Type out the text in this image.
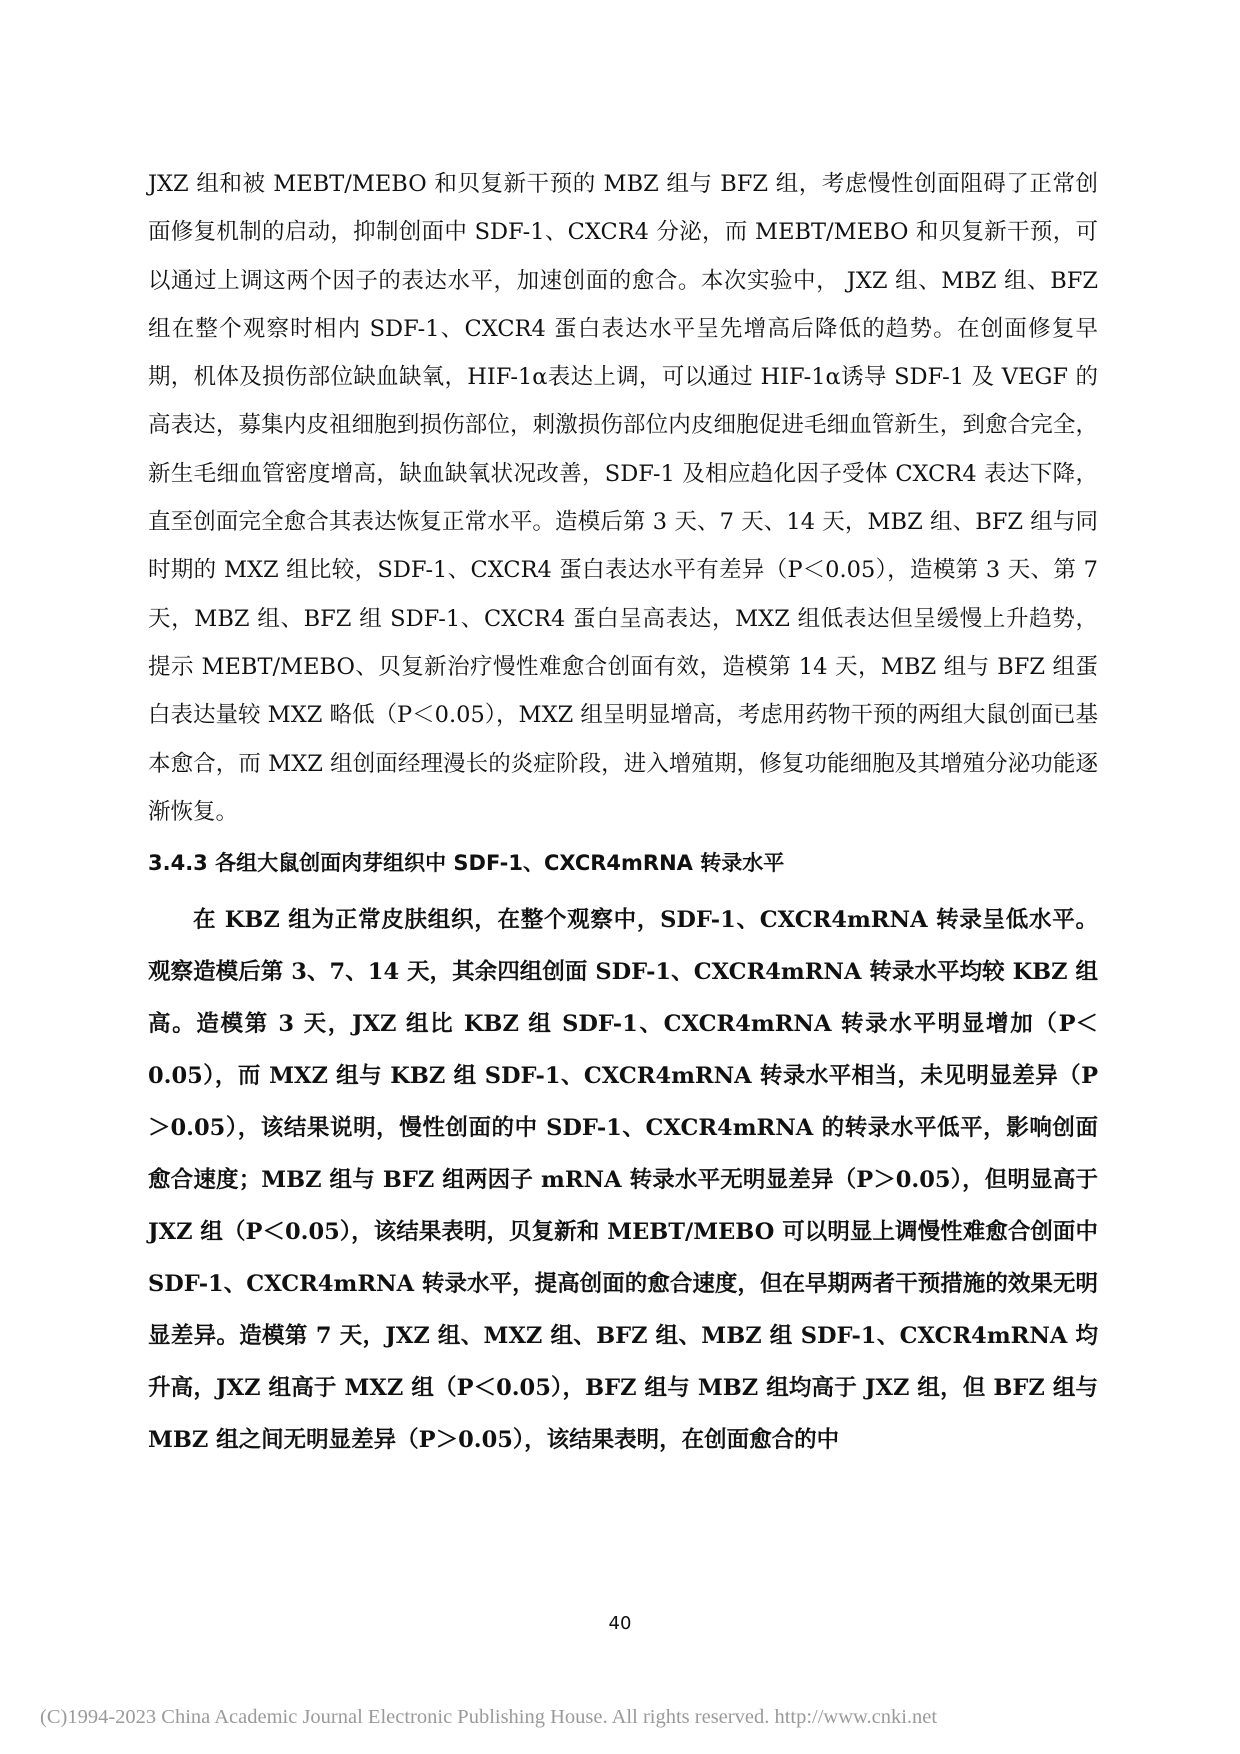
JXZ 组和被 MEBT/MEBO 和贝复新干预的 MBZ 组与 BFZ 组，考虑慢性创面阻碍了正常创面修复机制的启动，抑制创面中 SDF-1、CXCR4 分泌，而 MEBT/MEBO 和贝复新干预，可以通过上调这两个因子的表达水平，加速创面的愈合。本次实验中， JXZ 组、MBZ 组、BFZ 组在整个观察时相内 SDF-1、CXCR4 蛋白表达水平呈先增高后降低的趋势。在创面修复早期，机体及损伤部位缺血缺氧，HIF-1α表达上调，可以通过 HIF-1α诱导 SDF-1 及 VEGF 的高表达，募集内皮祖细胞到损伤部位，刺激损伤部位内皮细胞促进毛细血管新生，到愈合完全，新生毛细血管密度增高，缺血缺氧状况改善，SDF-1 及相应趋化因子受体 CXCR4 表达下降，直至创面完全愈合其表达恢复正常水平。造模后第 3 天、7 天、14 天，MBZ 组、BFZ 组与同时期的 MXZ 组比较，SDF-1、CXCR4 蛋白表达水平有差异（P＜0.05），造模第 3 天、第 7 天，MBZ 组、BFZ 组 SDF-1、CXCR4 蛋白呈高表达，MXZ 组低表达但呈缓慢上升趋势，提示 MEBT/MEBO、贝复新治疗慢性难愈合创面有效，造模第 14 天，MBZ 组与 BFZ 组蛋白表达量较 MXZ 略低（P＜0.05），MXZ 组呈明显增高，考虑用药物干预的两组大鼠创面已基本愈合，而 MXZ 组创面经理漫长的炎症阶段，进入增殖期，修复功能细胞及其增殖分泌功能逐渐恢复。

3.4.3 各组大鼠创面肉芽组织中 SDF-1、CXCR4mRNA 转录水平

在 KBZ 组为正常皮肤组织，在整个观察中，SDF-1、CXCR4mRNA 转录呈低水平。观察造模后第 3、7、14 天，其余四组创面 SDF-1、CXCR4mRNA 转录水平均较 KBZ 组高。造模第 3 天，JXZ 组比 KBZ 组 SDF-1、CXCR4mRNA 转录水平明显增加（P＜0.05），而 MXZ 组与 KBZ 组 SDF-1、CXCR4mRNA 转录水平相当，未见明显差异（P＞0.05），该结果说明，慢性创面的中 SDF-1、CXCR4mRNA 的转录水平低平，影响创面愈合速度；MBZ 组与 BFZ 组两因子 mRNA 转录水平无明显差异（P＞0.05），但明显高于 JXZ 组（P＜0.05），该结果表明，贝复新和 MEBT/MEBO 可以明显上调慢性难愈合创面中 SDF-1、CXCR4mRNA 转录水平，提高创面的愈合速度，但在早期两者干预措施的效果无明显差异。造模第 7 天，JXZ 组、MXZ 组、BFZ 组、MBZ 组 SDF-1、CXCR4mRNA 均升高，JXZ 组高于 MXZ 组（P＜0.05），BFZ 组与 MBZ 组均高于 JXZ 组，但 BFZ 组与 MBZ 组之间无明显差异（P＞0.05），该结果表明，在创面愈合的中

40
(C)1994-2023 China Academic Journal Electronic Publishing House. All rights reserved. http://www.cnki.net
